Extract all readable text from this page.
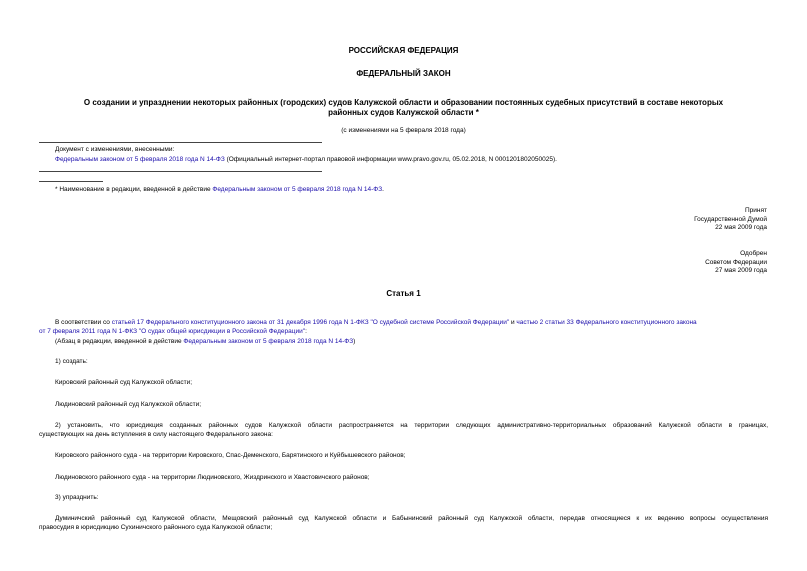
РОССИЙСКАЯ ФЕДЕРАЦИЯ
ФЕДЕРАЛЬНЫЙ ЗАКОН
О создании и упразднении некоторых районных (городских) судов Калужской области и образовании постоянных судебных присутствий в составе некоторых
районных судов Калужской области *
(с изменениями на 5 февраля 2018 года)
Документ с изменениями, внесенными:
Федеральным законом от 5 февраля 2018 года N 14-ФЗ (Официальный интернет-портал правовой информации www.pravo.gov.ru, 05.02.2018, N 0001201802050025).
* Наименование в редакции, введенной в действие Федеральным законом от 5 февраля 2018 года N 14-ФЗ.
Принят
Государственной Думой
22 мая 2009 года
Одобрен
Советом Федерации
27 мая 2009 года
Статья 1
В соответствии со статьей 17 Федерального конституционного закона от 31 декабря 1996 года N 1-ФКЗ "О судебной системе Российской Федерации" и частью 2 статьи 33 Федерального конституционного закона
от 7 февраля 2011 года N 1-ФКЗ "О судах общей юрисдикции в Российской Федерации":
(Абзац в редакции, введенной в действие Федеральным законом от 5 февраля 2018 года N 14-ФЗ)
1) создать:
Кировский районный суд Калужской области;
Людиновский районный суд Калужской области;
2) установить, что юрисдикция созданных районных судов Калужской области распространяется на территории следующих административно-территориальных образований Калужской области в границах,
существующих на день вступления в силу настоящего Федерального закона:
Кировского районного суда - на территории Кировского, Спас-Деменского, Барятинского и Куйбышевского районов;
Людиновского районного суда - на территории Людиновского, Жиздринского и Хвастовичского районов;
3) упразднить:
Думиничский районный суд Калужской области, Мещовский районный суд Калужской области и Бабынинский районный суд Калужской области, передав относящиеся к их ведению вопросы осуществления
правосудия в юрисдикцию Сухиничского районного суда Калужской области;
